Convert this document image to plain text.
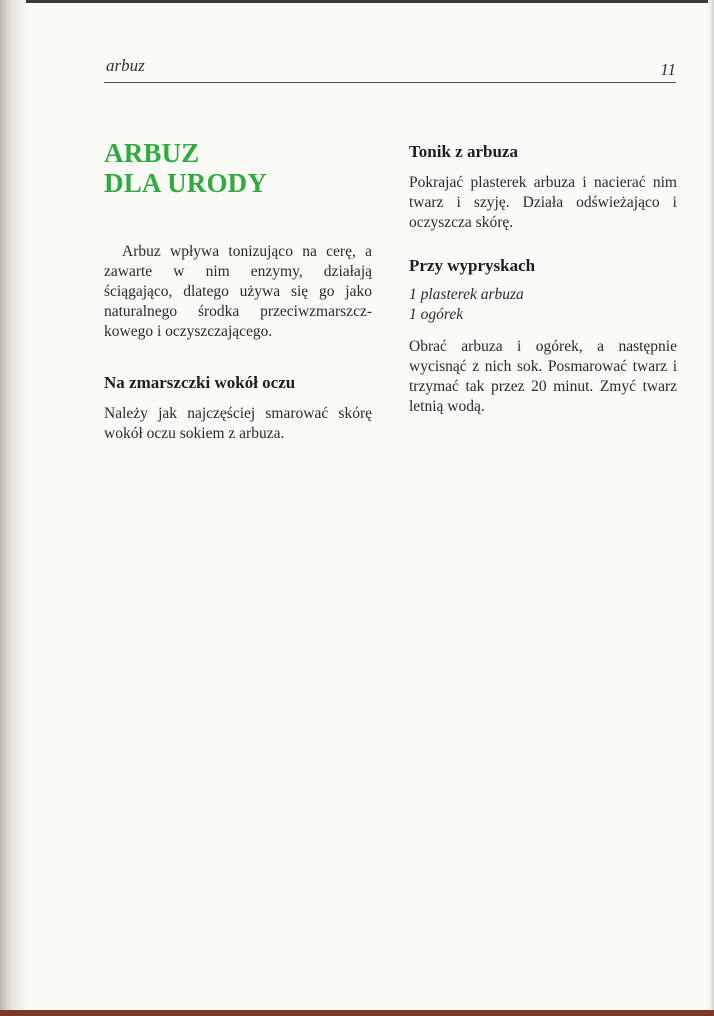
arbuz	11
ARBUZ
DLA URODY

Arbuz wpływa tonizująco na cerę, a zawarte w nim enzymy, działają ściągająco, dlatego używa się go jako naturalnego środka przeciwzmarszczkowego i oczyszczającego.

Na zmarszczki wokół oczu

Należy jak najczęściej smarować skórę wokół oczu sokiem z arbuza.

Tonik z arbuza

Pokrajać plasterek arbuza i nacierać nim twarz i szyję. Działa odświeżająco i oczyszcza skórę.

Przy wypryskach
1 plasterek arbuza
1 ogórek

Obrać arbuza i ogórek, a następnie wycisnąć z nich sok. Posmarować twarz i trzymać tak przez 20 minut. Zmyć twarz letnią wodą.
